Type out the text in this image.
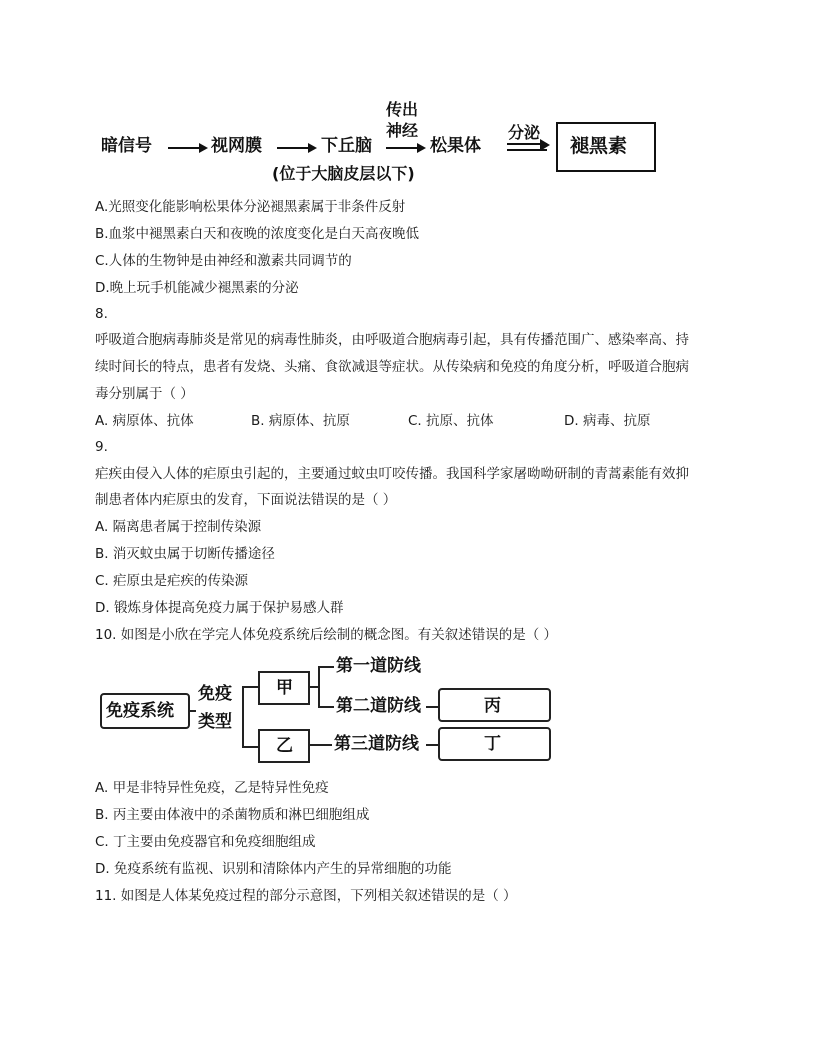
暗信号	视网膜	下丘脑
(位于大脑皮层以下)
传出
神经
松果体
分泌
褪黑素
A.光照变化能影响松果体分泌褪黑素属于非条件反射
B.血浆中褪黑素白天和夜晚的浓度变化是白天高夜晚低
C.人体的生物钟是由神经和激素共同调节的
D.晚上玩手机能减少褪黑素的分泌
8.
呼吸道合胞病毒肺炎是常见的病毒性肺炎，由呼吸道合胞病毒引起，具有传播范围广、感染率高、持
续时间长的特点，患者有发烧、头痛、食欲减退等症状。从传染病和免疫的角度分析，呼吸道合胞病
毒分别属于（ ）
A. 病原体、抗体	B. 病原体、抗原	C. 抗原、抗体	D. 病毒、抗原
9.
疟疾由侵入人体的疟原虫引起的，主要通过蚊虫叮咬传播。我国科学家屠呦呦研制的青蒿素能有效抑
制患者体内疟原虫的发育，下面说法错误的是（ ）
A. 隔离患者属于控制传染源
B. 消灭蚊虫属于切断传播途径
C. 疟原虫是疟疾的传染源
D. 锻炼身体提高免疫力属于保护易感人群
10. 如图是小欣在学完人体免疫系统后绘制的概念图。有关叙述错误的是（ ）
免疫系统
免疫
类型
甲
第一道防线
第二道防线	丙
乙 第三道防线	丁
A. 甲是非特异性免疫，乙是特异性免疫
B. 丙主要由体液中的杀菌物质和淋巴细胞组成
C. 丁主要由免疫器官和免疫细胞组成
D. 免疫系统有监视、识别和清除体内产生的异常细胞的功能
11. 如图是人体某免疫过程的部分示意图，下列相关叙述错误的是（ ）
